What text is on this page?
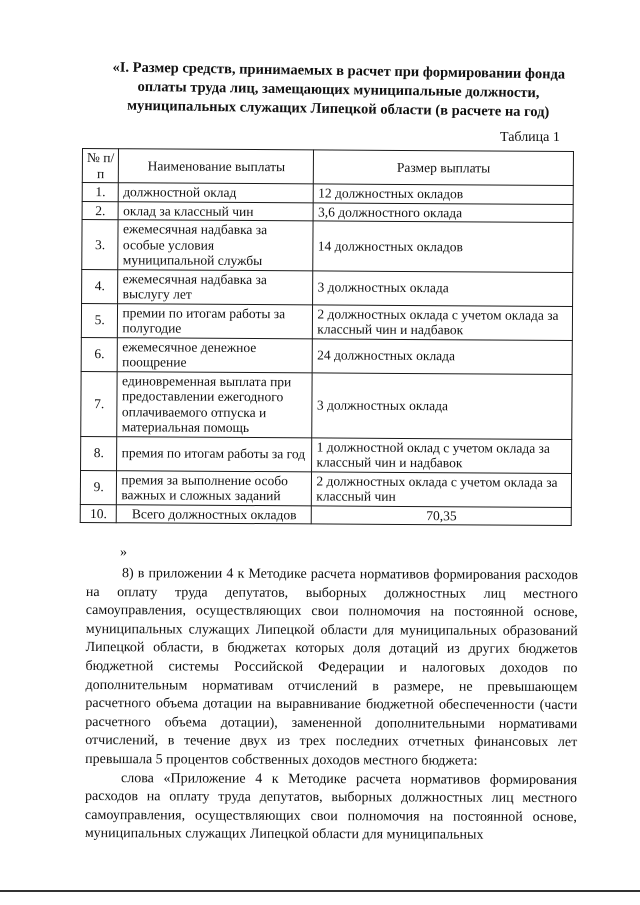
«I. Размер средств, принимаемых в расчет при формировании фонда
оплаты труда лиц, замещающих муниципальные должности,
муниципальных служащих Липецкой области (в расчете на год)
Таблица 1
№ п/п	Наименование выплаты	Размер выплаты
1.	должностной оклад	12 должностных окладов
2.	оклад за классный чин	3,6 должностного оклада
3.	ежемесячная надбавка за особые условия муниципальной службы	14 должностных окладов
4.	ежемесячная надбавка за выслугу лет	3 должностных оклада
5.	премии по итогам работы за полугодие	2 должностных оклада с учетом оклада за классный чин и надбавок
6.	ежемесячное денежное поощрение	24 должностных оклада
7.	единовременная выплата при предоставлении ежегодного оплачиваемого отпуска и материальная помощь	3 должностных оклада
8.	премия по итогам работы за год	1 должностной оклад с учетом оклада за классный чин и надбавок
9.	премия за выполнение особо важных и сложных заданий	2 должностных оклада с учетом оклада за классный чин
10.	Всего должностных окладов	70,35
»

8) в приложении 4 к Методике расчета нормативов формирования расходов на оплату труда депутатов, выборных должностных лиц местного самоуправления, осуществляющих свои полномочия на постоянной основе, муниципальных служащих Липецкой области для муниципальных образований Липецкой области, в бюджетах которых доля дотаций из других бюджетов бюджетной системы Российской Федерации и налоговых доходов по дополнительным нормативам отчислений в размере, не превышающем расчетного объема дотации на выравнивание бюджетной обеспеченности (части расчетного объема дотации), замененной дополнительными нормативами отчислений, в течение двух из трех последних отчетных финансовых лет превышала 5 процентов собственных доходов местного бюджета:

слова «Приложение 4 к Методике расчета нормативов формирования расходов на оплату труда депутатов, выборных должностных лиц местного самоуправления, осуществляющих свои полномочия на постоянной основе, муниципальных служащих Липецкой области для муниципальных
